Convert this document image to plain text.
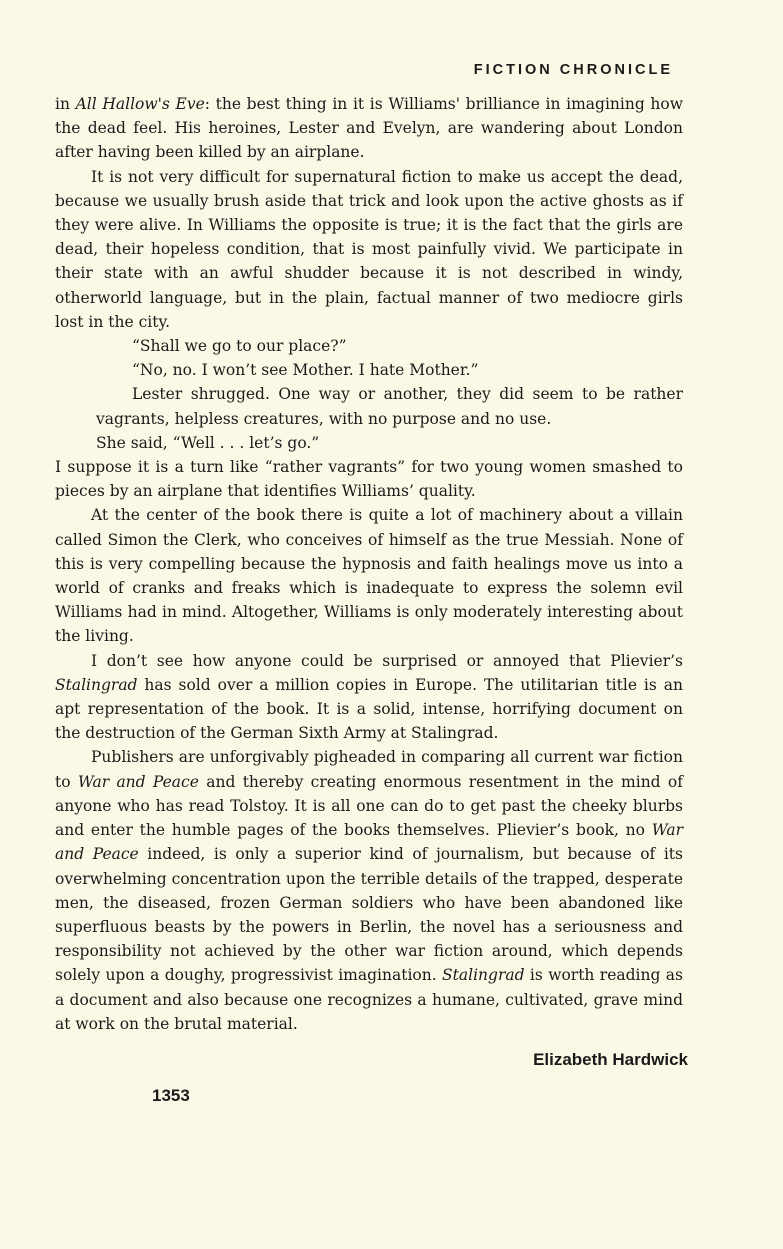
FICTION CHRONICLE

in All Hallow's Eve: the best thing in it is Williams' brilliance in imagining how the dead feel. His heroines, Lester and Evelyn, are wandering about London after having been killed by an airplane.

It is not very difficult for supernatural fiction to make us accept the dead, because we usually brush aside that trick and look upon the active ghosts as if they were alive. In Williams the opposite is true; it is the fact that the girls are dead, their hopeless condition, that is most painfully vivid. We participate in their state with an awful shudder because it is not described in windy, otherworld language, but in the plain, factual manner of two mediocre girls lost in the city.

“Shall we go to our place?”

“No, no. I won’t see Mother. I hate Mother.”

Lester shrugged. One way or another, they did seem to be rather vagrants, helpless creatures, with no purpose and no use.

She said, “Well . . . let’s go.”

I suppose it is a turn like “rather vagrants” for two young women smashed to pieces by an airplane that identifies Williams’ quality.

At the center of the book there is quite a lot of machinery about a villain called Simon the Clerk, who conceives of himself as the true Messiah. None of this is very compelling because the hypnosis and faith healings move us into a world of cranks and freaks which is inadequate to express the solemn evil Williams had in mind. Altogether, Williams is only moderately interesting about the living.

I don’t see how anyone could be surprised or annoyed that Plievier’s Stalingrad has sold over a million copies in Europe. The utilitarian title is an apt representation of the book. It is a solid, intense, horrifying document on the destruction of the German Sixth Army at Stalingrad.

Publishers are unforgivably pigheaded in comparing all current war fiction to War and Peace and thereby creating enormous resentment in the mind of anyone who has read Tolstoy. It is all one can do to get past the cheeky blurbs and enter the humble pages of the books themselves. Plievier’s book, no War and Peace indeed, is only a superior kind of journalism, but because of its overwhelming concentration upon the terrible details of the trapped, desperate men, the diseased, frozen German soldiers who have been abandoned like superfluous beasts by the powers in Berlin, the novel has a seriousness and responsibility not achieved by the other war fiction around, which depends solely upon a doughy, progressivist imagination. Stalingrad is worth reading as a document and also because one recognizes a humane, cultivated, grave mind at work on the brutal material.

Elizabeth Hardwick
1353
